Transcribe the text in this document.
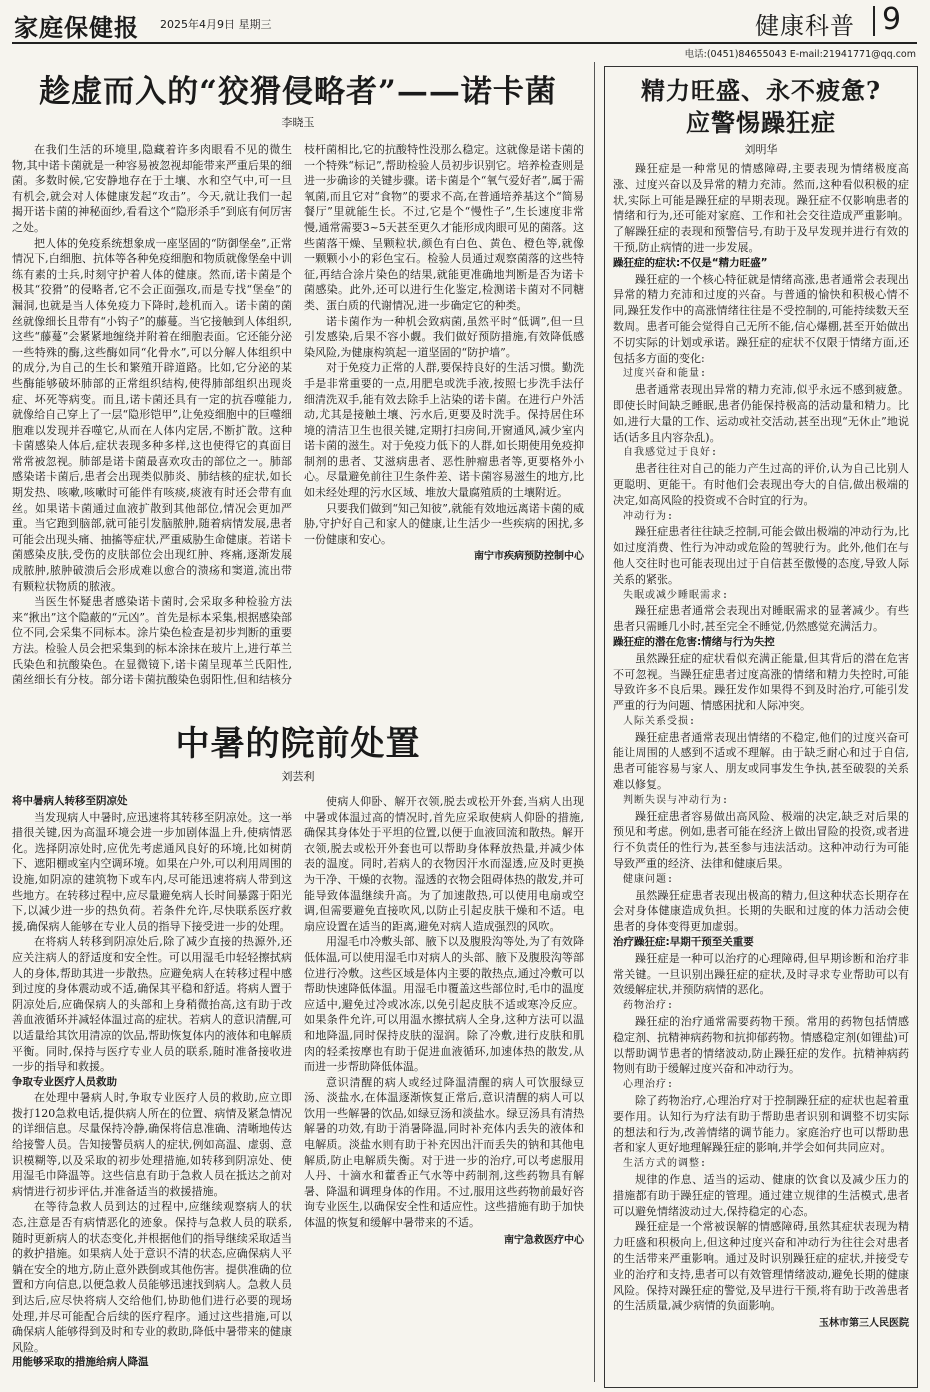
家庭保健报 2025年4月9日 星期三	健康科普 9
电话:(0451)84655043 E-mail:21941771@qq.com
趁虚而入的“狡猾侵略者”——诺卡菌
李晓玉

在我们生活的环境里,隐藏着许多肉眼看不见的微生物,其中诺卡菌就是一种容易被忽视却能带来严重后果的细菌。多数时候,它安静地存在于土壤、水和空气中,可一旦有机会,就会对人体健康发起“攻击”。今天,就让我们一起揭开诺卡菌的神秘面纱,看看这个“隐形杀手”到底有何厉害之处。

把人体的免疫系统想象成一座坚固的“防御堡垒”,正常情况下,白细胞、抗体等各种免疫细胞和物质就像堡垒中训练有素的士兵,时刻守护着人体的健康。然而,诺卡菌是个极其“狡猾”的侵略者,它不会正面强攻,而是专找“堡垒”的漏洞,也就是当人体免疫力下降时,趁机而入。诺卡菌的菌丝就像细长且带有“小钩子”的藤蔓。当它接触到人体组织,这些“藤蔓”会紧紧地缠绕并附着在细胞表面。它还能分泌一些特殊的酶,这些酶如同“化骨水”,可以分解人体组织中的成分,为自己的生长和繁殖开辟道路。比如,它分泌的某些酶能够破坏肺部的正常组织结构,使得肺部组织出现炎症、坏死等病变。而且,诺卡菌还具有一定的抗吞噬能力,就像给自己穿上了一层“隐形铠甲”,让免疫细胞中的巨噬细胞难以发现并吞噬它,从而在人体内定居,不断扩散。这种卡菌感染人体后,症状表现多种多样,这也使得它的真面目常常被忽视。肺部是诺卡菌最喜欢攻击的部位之一。肺部感染诺卡菌后,患者会出现类似肺炎、肺结核的症状,如长期发热、咳嗽,咳嗽时可能伴有咳痰,痰液有时还会带有血丝。如果诺卡菌通过血液扩散到其他部位,情况会更加严重。当它跑到脑部,就可能引发脑脓肿,随着病情发展,患者可能会出现头痛、抽搐等症状,严重威胁生命健康。若诺卡菌感染皮肤,受伤的皮肤部位会出现红肿、疼痛,逐渐发展成脓肿,脓肿破溃后会形成难以愈合的溃疡和窦道,流出带有颗粒状物质的脓液。

当医生怀疑患者感染诺卡菌时,会采取多种检验方法来“揪出”这个隐蔽的“元凶”。首先是标本采集,根据感染部位不同,会采集不同标本。涂片染色检查是初步判断的重要方法。检验人员会把采集到的标本涂抹在玻片上,进行革兰氏染色和抗酸染色。在显微镜下,诺卡菌呈现革兰氏阳性,菌丝细长有分枝。部分诺卡菌抗酸染色弱阳性,但和结核分枝杆菌相比,它的抗酸特性没那么稳定。这就像是诺卡菌的一个特殊“标记”,帮助检验人员初步识别它。培养检查则是进一步确诊的关键步骤。诺卡菌是个“氧气爱好者”,属于需氧菌,而且它对“食物”的要求不高,在普通培养基这个“简易餐厅”里就能生长。不过,它是个“慢性子”,生长速度非常慢,通常需要3~5天甚至更久才能形成肉眼可见的菌落。这些菌落干燥、呈颗粒状,颜色有白色、黄色、橙色等,就像一颗颗小小的彩色宝石。检验人员通过观察菌落的这些特征,再结合涂片染色的结果,就能更准确地判断是否为诺卡菌感染。此外,还可以进行生化鉴定,检测诺卡菌对不同糖类、蛋白质的代谢情况,进一步确定它的种类。

诺卡菌作为一种机会致病菌,虽然平时“低调”,但一旦引发感染,后果不容小觑。我们做好预防措施,有效降低感染风险,为健康构筑起一道坚固的“防护墙”。

对于免疫力正常的人群,要保持良好的生活习惯。勤洗手是非常重要的一点,用肥皂或洗手液,按照七步洗手法仔细清洗双手,能有效去除手上沾染的诺卡菌。在进行户外活动,尤其是接触土壤、污水后,更要及时洗手。保持居住环境的清洁卫生也很关键,定期打扫房间,开窗通风,减少室内诺卡菌的滋生。对于免疫力低下的人群,如长期使用免疫抑制剂的患者、艾滋病患者、恶性肿瘤患者等,更要格外小心。尽量避免前往卫生条件差、诺卡菌容易滋生的地方,比如未经处理的污水区域、堆放大量腐殖质的土壤附近。

只要我们做到“知己知彼”,就能有效地远离诺卡菌的威胁,守护好自己和家人的健康,让生活少一些疾病的困扰,多一份健康和安心。

南宁市疾病预防控制中心
中暑的院前处置
刘芸利

将中暑病人转移至阴凉处

当发现病人中暑时,应迅速将其转移至阴凉处。这一举措很关键,因为高温环境会进一步加剧体温上升,使病情恶化。选择阴凉处时,应优先考虑通风良好的环境,比如树荫下、遮阳棚或室内空调环境。如果在户外,可以利用周围的设施,如阴凉的建筑物下或车内,尽可能迅速将病人带到这些地方。在转移过程中,应尽量避免病人长时间暴露于阳光下,以减少进一步的热负荷。若条件允许,尽快联系医疗救援,确保病人能够在专业人员的指导下接受进一步的处理。

在将病人转移到阴凉处后,除了减少直接的热源外,还应关注病人的舒适度和安全性。可以用湿毛巾轻轻擦拭病人的身体,帮助其进一步散热。应避免病人在转移过程中感到过度的身体震动或不适,确保其平稳和舒适。将病人置于阴凉处后,应确保病人的头部和上身稍微抬高,这有助于改善血液循环并减轻体温过高的症状。若病人的意识清醒,可以适量给其饮用清凉的饮品,帮助恢复体内的液体和电解质平衡。同时,保持与医疗专业人员的联系,随时准备接收进一步的指导和救援。

争取专业医疗人员救助

在处理中暑病人时,争取专业医疗人员的救助,应立即拨打120急救电话,提供病人所在的位置、病情及紧急情况的详细信息。尽量保持冷静,确保将信息准确、清晰地传达给接警人员。告知接警员病人的症状,例如高温、虚弱、意识模糊等,以及采取的初步处理措施,如转移到阴凉处、使用湿毛巾降温等。这些信息有助于急救人员在抵达之前对病情进行初步评估,并准备适当的救援措施。

在等待急救人员到达的过程中,应继续观察病人的状态,注意是否有病情恶化的迹象。保持与急救人员的联系,随时更新病人的状态变化,并根据他们的指导继续采取适当的救护措施。如果病人处于意识不清的状态,应确保病人平躺在安全的地方,防止意外跌倒或其他伤害。提供准确的位置和方向信息,以便急救人员能够迅速找到病人。急救人员到达后,应尽快将病人交给他们,协助他们进行必要的现场处理,并尽可能配合后续的医疗程序。通过这些措施,可以确保病人能够得到及时和专业的救助,降低中暑带来的健康风险。

用能够采取的措施给病人降温

使病人仰卧、解开衣领,脱去或松开外套,当病人出现中暑或体温过高的情况时,首先应采取使病人仰卧的措施,确保其身体处于平坦的位置,以便于血液回流和散热。解开衣领,脱去或松开外套也可以帮助身体释放热量,并减少体表的温度。同时,若病人的衣物因汗水而湿透,应及时更换为干净、干燥的衣物。湿透的衣物会阻碍体热的散发,并可能导致体温继续升高。为了加速散热,可以使用电扇或空调,但需要避免直接吹风,以防止引起皮肤干燥和不适。电扇应设置在适当的距离,避免对病人造成强烈的风吹。

用湿毛巾冷敷头部、腋下以及腹股沟等处,为了有效降低体温,可以使用湿毛巾对病人的头部、腋下及腹股沟等部位进行冷敷。这些区域是体内主要的散热点,通过冷敷可以帮助快速降低体温。用湿毛巾覆盖这些部位时,毛巾的温度应适中,避免过冷或冰冻,以免引起皮肤不适或寒冷反应。如果条件允许,可以用温水擦拭病人全身,这种方法可以温和地降温,同时保持皮肤的湿润。除了冷敷,进行皮肤和肌肉的轻柔按摩也有助于促进血液循环,加速体热的散发,从而进一步帮助降低体温。

意识清醒的病人或经过降温清醒的病人可饮服绿豆汤、淡盐水,在体温逐渐恢复正常后,意识清醒的病人可以饮用一些解暑的饮品,如绿豆汤和淡盐水。绿豆汤具有清热解暑的功效,有助于消暑降温,同时补充体内丢失的液体和电解质。淡盐水则有助于补充因出汗而丢失的钠和其他电解质,防止电解质失衡。对于进一步的治疗,可以考虑服用人丹、十滴水和藿香正气水等中药制剂,这些药物具有解暑、降温和调理身体的作用。不过,服用这些药物前最好咨询专业医生,以确保安全性和适应性。这些措施有助于加快体温的恢复和缓解中暑带来的不适。

南宁急救医疗中心
精力旺盛、永不疲惫?
应警惕躁狂症
刘明华

躁狂症是一种常见的情感障碍,主要表现为情绪极度高涨、过度兴奋以及异常的精力充沛。然而,这种看似积极的症状,实际上可能是躁狂症的早期表现。躁狂症不仅影响患者的情绪和行为,还可能对家庭、工作和社会交往造成严重影响。了解躁狂症的表现和预警信号,有助于及早发现并进行有效的干预,防止病情的进一步发展。

躁狂症的症状:不仅是“精力旺盛”

躁狂症的一个核心特征就是情绪高涨,患者通常会表现出异常的精力充沛和过度的兴奋。与普通的愉快和积极心情不同,躁狂发作中的高涨情绪往往是不受控制的,可能持续数天至数周。患者可能会觉得自己无所不能,信心爆棚,甚至开始做出不切实际的计划或承诺。躁狂症的症状不仅限于情绪方面,还包括多方面的变化:

过度兴奋和能量:

患者通常表现出异常的精力充沛,似乎永远不感到疲惫。即使长时间缺乏睡眠,患者仍能保持极高的活动量和精力。比如,进行大量的工作、运动或社交活动,甚至出现“无休止”地说话(话多且内容杂乱)。

自我感觉过于良好:

患者往往对自己的能力产生过高的评价,认为自己比别人更聪明、更能干。有时他们会表现出夸大的自信,做出极端的决定,如高风险的投资或不合时宜的行为。

冲动行为:

躁狂症患者往往缺乏控制,可能会做出极端的冲动行为,比如过度消费、性行为冲动或危险的驾驶行为。此外,他们在与他人交往时也可能表现出过于自信甚至傲慢的态度,导致人际关系的紧张。

失眠或减少睡眠需求:

躁狂症患者通常会表现出对睡眠需求的显著减少。有些患者只需睡几小时,甚至完全不睡觉,仍然感觉充满活力。

躁狂症的潜在危害:情绪与行为失控

虽然躁狂症的症状看似充满正能量,但其背后的潜在危害不可忽视。当躁狂症患者过度高涨的情绪和精力失控时,可能导致许多不良后果。躁狂发作如果得不到及时治疗,可能引发严重的行为问题、情感困扰和人际冲突。

人际关系受损:

躁狂症患者通常表现出情绪的不稳定,他们的过度兴奋可能让周围的人感到不适或不理解。由于缺乏耐心和过于自信,患者可能容易与家人、朋友或同事发生争执,甚至破裂的关系难以修复。

判断失误与冲动行为:

躁狂症患者容易做出高风险、极端的决定,缺乏对后果的预见和考虑。例如,患者可能在经济上做出冒险的投资,或者进行不负责任的性行为,甚至参与违法活动。这种冲动行为可能导致严重的经济、法律和健康后果。

健康问题:

虽然躁狂症患者表现出极高的精力,但这种状态长期存在会对身体健康造成负担。长期的失眠和过度的体力活动会使患者的身体变得更加虚弱。

治疗躁狂症:早期干预至关重要

躁狂症是一种可以治疗的心理障碍,但早期诊断和治疗非常关键。一旦识别出躁狂症的症状,及时寻求专业帮助可以有效缓解症状,并预防病情的恶化。

药物治疗:

躁狂症的治疗通常需要药物干预。常用的药物包括情感稳定剂、抗精神病药物和抗抑郁药物。情感稳定剂(如锂盐)可以帮助调节患者的情绪波动,防止躁狂症的发作。抗精神病药物则有助于缓解过度兴奋和冲动行为。

心理治疗:

除了药物治疗,心理治疗对于控制躁狂症的症状也起着重要作用。认知行为疗法有助于帮助患者识别和调整不切实际的想法和行为,改善情绪的调节能力。家庭治疗也可以帮助患者和家人更好地理解躁狂症的影响,并学会如何共同应对。

生活方式的调整:

规律的作息、适当的运动、健康的饮食以及减少压力的措施都有助于躁狂症的管理。通过建立规律的生活模式,患者可以避免情绪波动过大,保持稳定的心态。

躁狂症是一个常被误解的情感障碍,虽然其症状表现为精力旺盛和积极向上,但这种过度兴奋和冲动行为往往会对患者的生活带来严重影响。通过及时识别躁狂症的症状,并接受专业的治疗和支持,患者可以有效管理情绪波动,避免长期的健康风险。保持对躁狂症的警觉,及早进行干预,将有助于改善患者的生活质量,减少病情的负面影响。

玉林市第三人民医院
